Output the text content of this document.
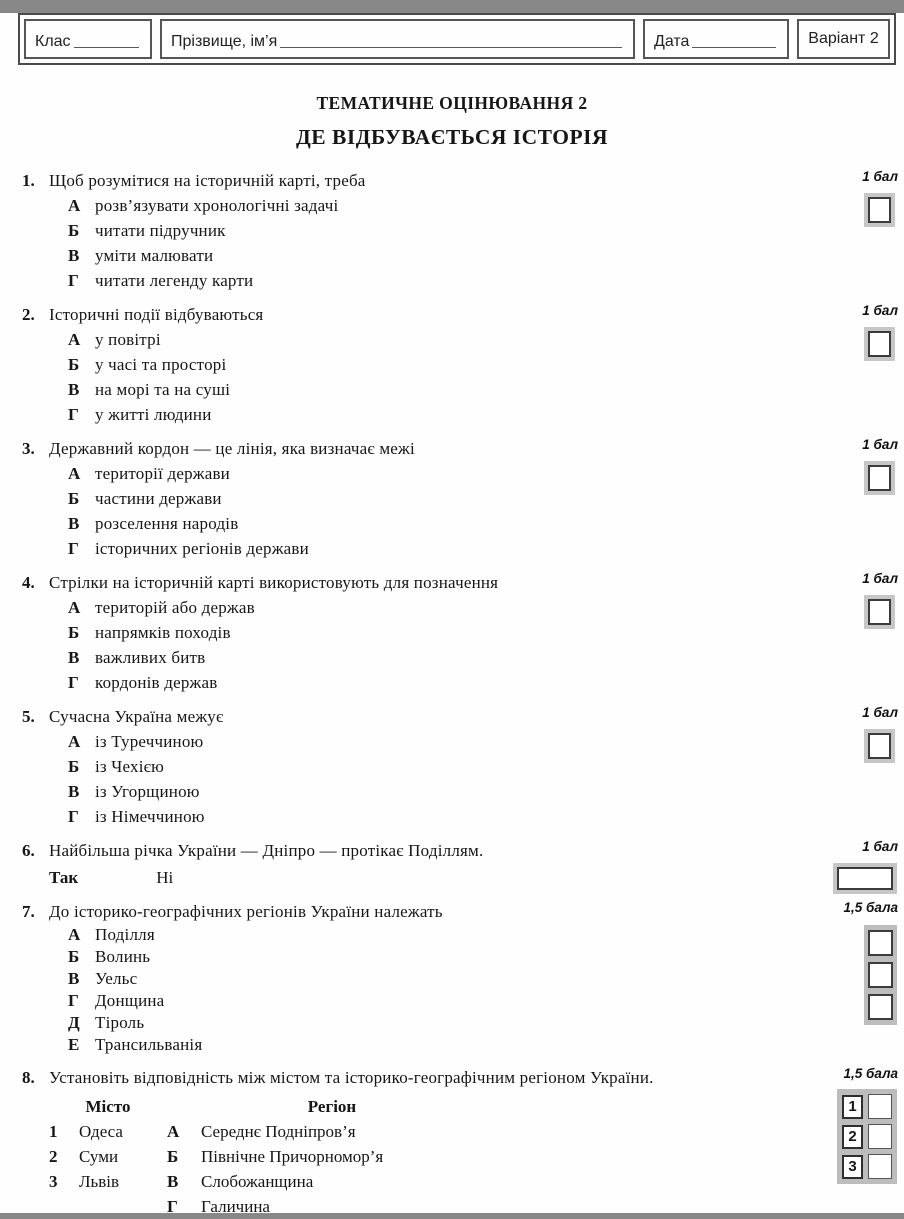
Клас	Прізвище, ім’я	Дата	Варіант 2
ТЕМАТИЧНЕ ОЦІНЮВАННЯ 2
ДЕ ВІДБУВАЄТЬСЯ ІСТОРІЯ
1. Щоб розумітися на історичній карті, треба
А розв’язувати хронологічні задачі
Б читати підручник
В уміти малювати
Г читати легенду карти
1 бал
2. Історичні події відбуваються
А у повітрі
Б у часі та просторі
В на морі та на суші
Г у житті людини
1 бал
3. Державний кордон — це лінія, яка визначає межі
А території держави
Б частини держави
В розселення народів
Г історичних регіонів держави
1 бал
4. Стрілки на історичній карті використовують для позначення
А територій або держав
Б напрямків походів
В важливих битв
Г кордонів держав
1 бал
5. Сучасна Україна межує
А із Туреччиною
Б із Чехією
В із Угорщиною
Г із Німеччиною
1 бал
6. Найбільша річка України — Дніпро — протікає Поділлям.
Так	Ні
1 бал
7. До історико-географічних регіонів України належать
А Поділля
Б Волинь
В Уельс
Г Донщина
Д Тіроль
Е Трансильванія
1,5 бала
8. Установіть відповідність між містом та історико-географічним регіоном України.
Місто	Регіон
1	Одеса	А	Середнє Подніпров’я
2	Суми	Б	Північне Причорномор’я
3	Львів	В	Слобожанщина
Г	Галичина
1,5 бала
1
2
3
